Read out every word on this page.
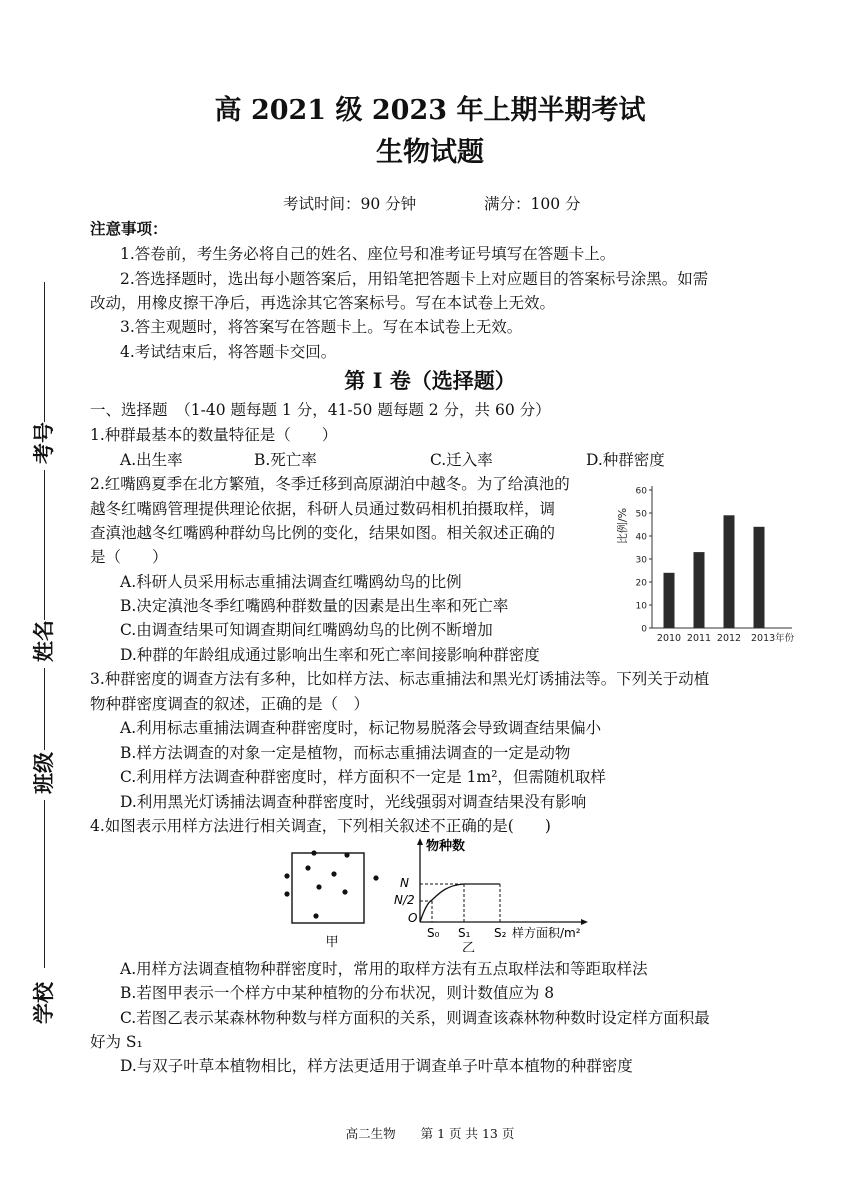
高 2021 级 2023 年上期半期考试
生物试题
考试时间：90 分钟	满分：100 分
注意事项：
1.答卷前，考生务必将自己的姓名、座位号和准考证号填写在答题卡上。
2.答选择题时，选出每小题答案后，用铅笔把答题卡上对应题目的答案标号涂黑。如需
改动，用橡皮擦干净后，再选涂其它答案标号。写在本试卷上无效。
3.答主观题时，将答案写在答题卡上。写在本试卷上无效。
4.考试结束后，将答题卡交回。
第 I 卷（选择题）
一、选择题　（1-40 题每题 1 分，41-50 题每题 2 分，共 60 分）
考号
姓名
班级
学校
1.种群最基本的数量特征是（　　）
A.出生率	B.死亡率	C.迁入率	D.种群密度
2.红嘴鸥夏季在北方繁殖，冬季迁移到高原湖泊中越冬。为了给滇池的
越冬红嘴鸥管理提供理论依据，科研人员通过数码相机拍摄取样，调
查滇池越冬红嘴鸥种群幼鸟比例的变化，结果如图。相关叙述正确的
是（　　）
A.科研人员采用标志重捕法调查红嘴鸥幼鸟的比例
B.决定滇池冬季红嘴鸥种群数量的因素是出生率和死亡率
C.由调查结果可知调查期间红嘴鸥幼鸟的比例不断增加
D.种群的年龄组成通过影响出生率和死亡率间接影响种群密度
0
10
20
30
40
50
60
比例/%
2010 2011 2012 2013年份
3.种群密度的调查方法有多种，比如样方法、标志重捕法和黑光灯诱捕法等。下列关于动植
物种群密度调查的叙述，正确的是（　）
A.利用标志重捕法调查种群密度时，标记物易脱落会导致调查结果偏小
B.样方法调查的对象一定是植物，而标志重捕法调查的一定是动物
C.利用样方法调查种群密度时，样方面积不一定是 1m²，但需随机取样
D.利用黑光灯诱捕法调查种群密度时，光线强弱对调查结果没有影响
4.如图表示用样方法进行相关调查，下列相关叙述不正确的是(　　)
甲
物种数
N
N/2
O
S₀ S₁ S₂ 样方面积/m²
乙
A.用样方法调查植物种群密度时，常用的取样方法有五点取样法和等距取样法
B.若图甲表示一个样方中某种植物的分布状况，则计数值应为 8
C.若图乙表示某森林物种数与样方面积的关系，则调查该森林物种数时设定样方面积最
好为 S₁
D.与双子叶草本植物相比，样方法更适用于调查单子叶草本植物的种群密度
高二生物　　第 1 页 共 13 页
